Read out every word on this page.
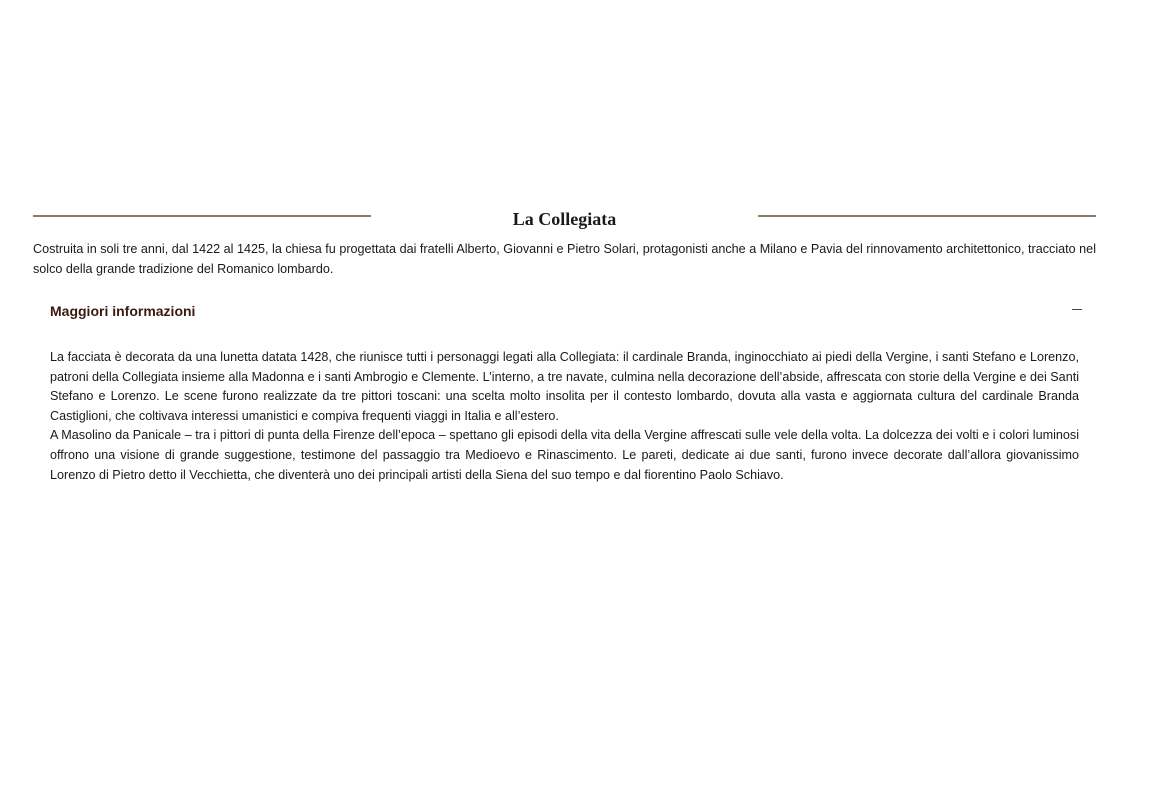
La Collegiata

Costruita in soli tre anni, dal 1422 al 1425, la chiesa fu progettata dai fratelli Alberto, Giovanni e Pietro Solari, protagonisti anche a Milano e Pavia del rinnovamento architettonico, tracciato nel solco della grande tradizione del Romanico lombardo.

Maggiori informazioni

La facciata è decorata da una lunetta datata 1428, che riunisce tutti i personaggi legati alla Collegiata: il cardinale Branda, inginocchiato ai piedi della Vergine, i santi Stefano e Lorenzo, patroni della Collegiata insieme alla Madonna e i santi Ambrogio e Clemente. L’interno, a tre navate, culmina nella decorazione dell’abside, affrescata con storie della Vergine e dei Santi Stefano e Lorenzo. Le scene furono realizzate da tre pittori toscani: una scelta molto insolita per il contesto lombardo, dovuta alla vasta e aggiornata cultura del cardinale Branda Castiglioni, che coltivava interessi umanistici e compiva frequenti viaggi in Italia e all’estero.

A Masolino da Panicale – tra i pittori di punta della Firenze dell’epoca – spettano gli episodi della vita della Vergine affrescati sulle vele della volta. La dolcezza dei volti e i colori luminosi offrono una visione di grande suggestione, testimone del passaggio tra Medioevo e Rinascimento. Le pareti, dedicate ai due santi, furono invece decorate dall’allora giovanissimo Lorenzo di Pietro detto il Vecchietta, che diventerà uno dei principali artisti della Siena del suo tempo e dal fiorentino Paolo Schiavo.
